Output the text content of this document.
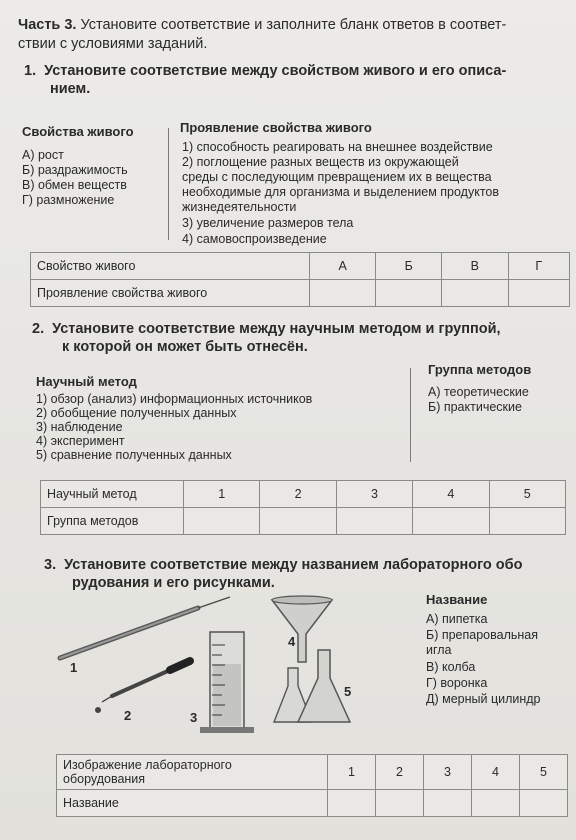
Часть 3. Установите соответствие и заполните бланк ответов в соответ-
ствии с условиями заданий.
1. Установите соответствие между свойством живого и его описа-
нием.
Свойства живого	Проявление свойства живого
А) рост
Б) раздражимость
В) обмен веществ
Г) размножение
1) способность реагировать на внешнее воздействие
2) поглощение разных веществ из окружающей
среды с последующим превращением их в вещества
необходимые для организма и выделением продуктов
жизнедеятельности
3) увеличение размеров тела
4) самовоспроизведение
Свойство живого	А	Б	В	Г
Проявление свойства живого				
2. Установите соответствие между научным методом и группой,
к которой он может быть отнесён.
Научный метод
Группа методов
1) обзор (анализ) информационных источников
2) обобщение полученных данных
3) наблюдение
4) эксперимент
5) сравнение полученных данных
А) теоретические
Б) практические
Научный метод	1	2	3	4	5
Группа методов					
3. Установите соответствие между названием лабораторного обо
рудования и его рисунками.
Название
А) пипетка
Б) препаровальная
игла
В) колба
Г) воронка
Д) мерный цилиндр
1
2	3
4
5
Изображение лабораторного
оборудования	1	2	3	4	5
Название					
